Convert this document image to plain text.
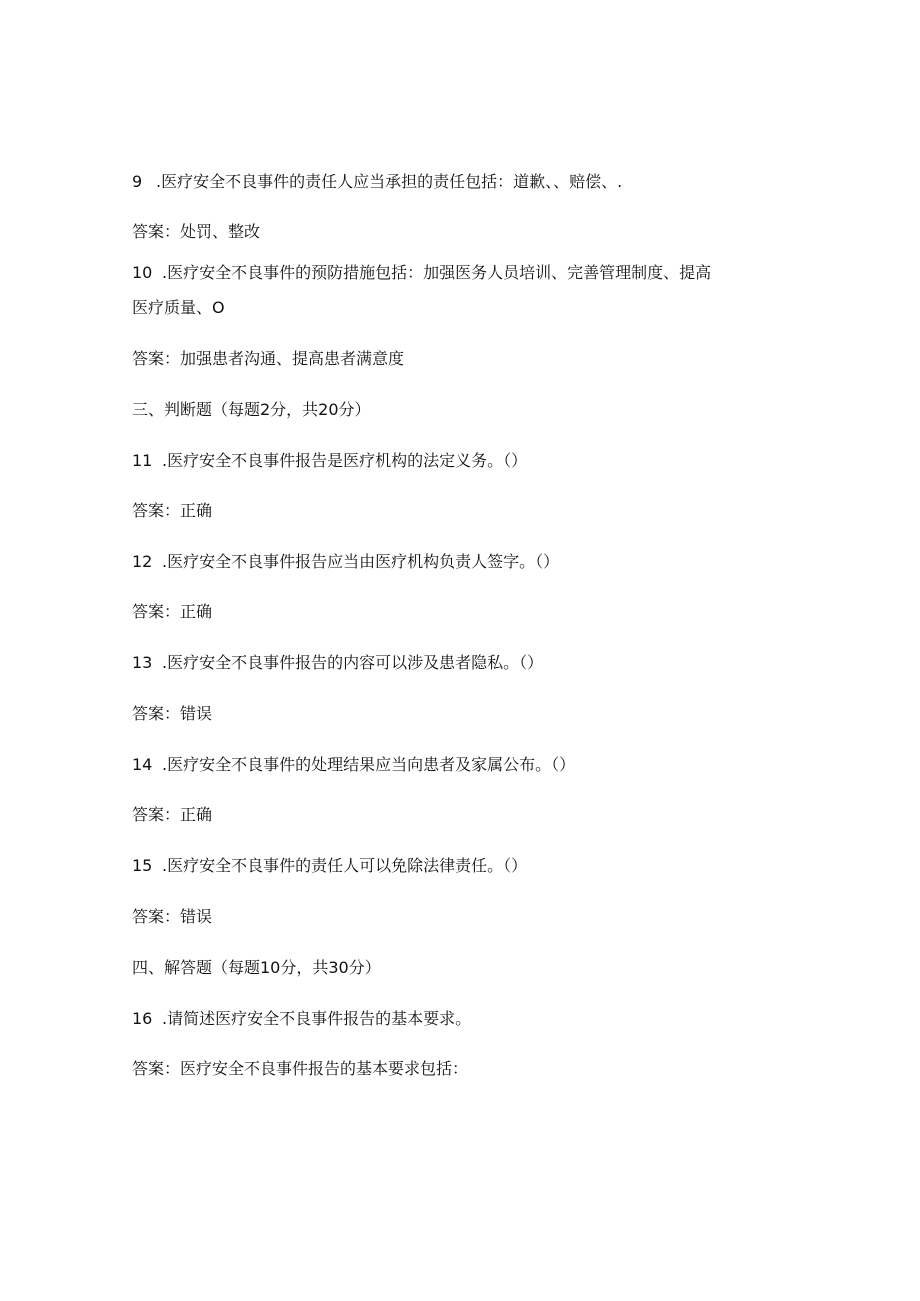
9 .医疗安全不良事件的责任人应当承担的责任包括：道歉、、赔偿、.
答案：处罚、整改
10 .医疗安全不良事件的预防措施包括：加强医务人员培训、完善管理制度、提高
医疗质量、O
答案：加强患者沟通、提高患者满意度
三、判断题（每题2分，共20分）
11 .医疗安全不良事件报告是医疗机构的法定义务。（）
答案：正确
12 .医疗安全不良事件报告应当由医疗机构负责人签字。（）
答案：正确
13 .医疗安全不良事件报告的内容可以涉及患者隐私。（）
答案：错误
14 .医疗安全不良事件的处理结果应当向患者及家属公布。（）
答案：正确
15 .医疗安全不良事件的责任人可以免除法律责任。（）
答案：错误
四、解答题（每题10分，共30分）
16 .请简述医疗安全不良事件报告的基本要求。
答案：医疗安全不良事件报告的基本要求包括：
